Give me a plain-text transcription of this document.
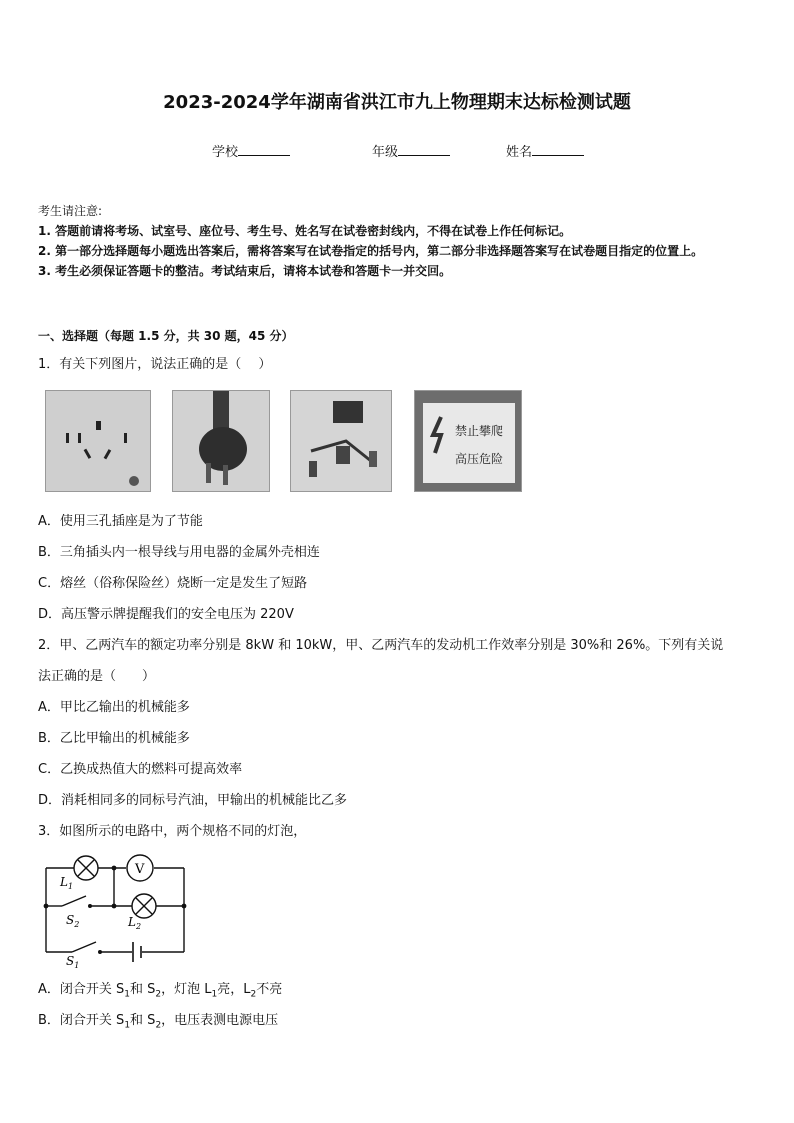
2023-2024学年湖南省洪江市九上物理期末达标检测试题
学校	年级	姓名
考生请注意:
1. 答题前请将考场、试室号、座位号、考生号、姓名写在试卷密封线内，不得在试卷上作任何标记。
2. 第一部分选择题每小题选出答案后，需将答案写在试卷指定的括号内，第二部分非选择题答案写在试卷题目指定的位置上。
3. 考生必须保证答题卡的整洁。考试结束后，请将本试卷和答题卡一并交回。
一、选择题（每题 1.5 分，共 30 题，45 分）
1．有关下列图片，说法正确的是（　 ）
禁止攀爬
高压危险
A．使用三孔插座是为了节能
B．三角插头内一根导线与用电器的金属外壳相连
C．熔丝（俗称保险丝）烧断一定是发生了短路
D．高压警示牌提醒我们的安全电压为 220V
2．甲、乙两汽车的额定功率分别是 8kW 和 10kW，甲、乙两汽车的发动机工作效率分别是 30%和 26%。下列有关说
法正确的是（　　）
A．甲比乙输出的机械能多
B．乙比甲输出的机械能多
C．乙换成热值大的燃料可提高效率
D．消耗相同多的同标号汽油，甲输出的机械能比乙多
3．如图所示的电路中，两个规格不同的灯泡，
V
$L_1$
$S_2$	$L_2$
$S_1$
A．闭合开关 $S_1$和 $S_2$，灯泡 $L_1$亮，$L_2$不亮
B．闭合开关 $S_1$和 $S_2$，电压表测电源电压
